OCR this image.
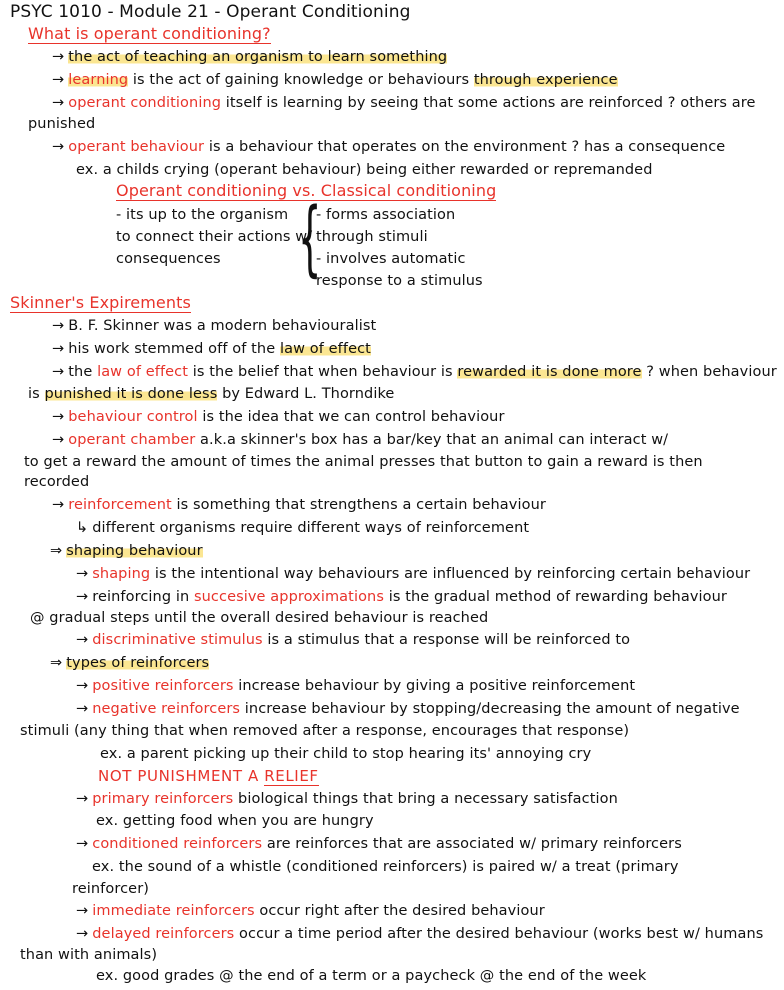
PSYC 1010 - Module 21 - Operant Conditioning
What is operant conditioning?
→ the act of teaching an organism to learn something
→ learning is the act of gaining knowledge or behaviours through experience
→ operant conditioning itself is learning by seeing that some actions are reinforced ? others are
punished
→ operant behaviour is a behaviour that operates on the environment ? has a consequence
ex. a childs crying (operant behaviour) being either rewarded or repremanded
Operant conditioning vs. Classical conditioning
- its up to the organism
to connect their actions w/
consequences {
- forms association
through stimuli
- involves automatic
response to a stimulus
Skinner's Expirements
→ B. F. Skinner was a modern behaviouralist
→ his work stemmed off of the law of effect
→ the law of effect is the belief that when behaviour is rewarded it is done more ? when behaviour
is punished it is done less by Edward L. Thorndike
→ behaviour control is the idea that we can control behaviour
→ operant chamber a.k.a skinner's box has a bar/key that an animal can interact w/
to get a reward the amount of times the animal presses that button to gain a reward is then
recorded
→ reinforcement is something that strengthens a certain behaviour
↳ different organisms require different ways of reinforcement
⇒ shaping behaviour
→ shaping is the intentional way behaviours are influenced by reinforcing certain behaviour
→ reinforcing in succesive approximations is the gradual method of rewarding behaviour
@ gradual steps until the overall desired behaviour is reached
→ discriminative stimulus is a stimulus that a response will be reinforced to
⇒ types of reinforcers
→ positive reinforcers increase behaviour by giving a positive reinforcement
→ negative reinforcers increase behaviour by stopping/decreasing the amount of negative
stimuli (any thing that when removed after a response, encourages that response)
ex. a parent picking up their child to stop hearing its' annoying cry
NOT PUNISHMENT A RELIEF
→ primary reinforcers biological things that bring a necessary satisfaction
ex. getting food when you are hungry
→ conditioned reinforcers are reinforces that are associated w/ primary reinforcers
ex. the sound of a whistle (conditioned reinforcers) is paired w/ a treat (primary
reinforcer)
→ immediate reinforcers occur right after the desired behaviour
→ delayed reinforcers occur a time period after the desired behaviour (works best w/ humans
than with animals)
ex. good grades @ the end of a term or a paycheck @ the end of the week
